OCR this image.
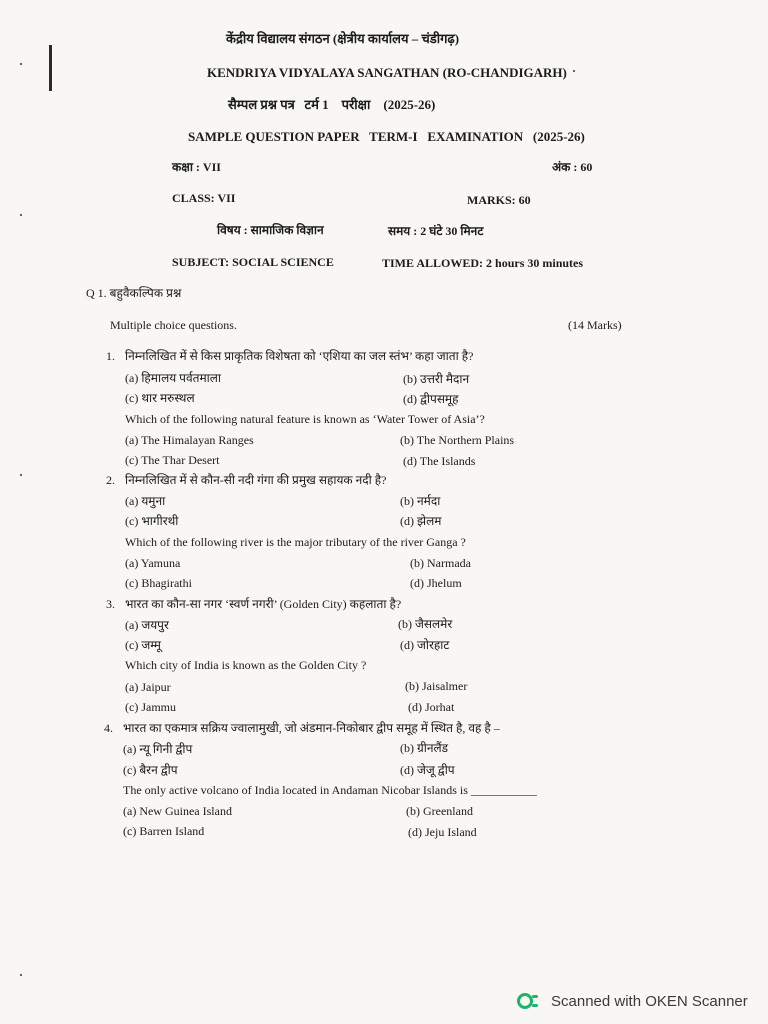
केंद्रीय विद्यालय संगठन (क्षेत्रीय कार्यालय – चंडीगढ़)
KENDRIYA VIDYALAYA SANGATHAN (RO-CHANDIGARH)
सैम्पल प्रश्न पत्र   टर्म 1    परीक्षा    (2025-26)
SAMPLE QUESTION PAPER   TERM-I   EXAMINATION   (2025-26)
कक्षा : VII	अंक : 60
CLASS: VII	MARKS: 60
विषय : सामाजिक विज्ञान	समय : 2 घंटे 30 मिनट
SUBJECT: SOCIAL SCIENCE	TIME ALLOWED: 2 hours 30 minutes
Q 1. बहुवैकल्पिक प्रश्न
Multiple choice questions.	(14 Marks)
1. निम्नलिखित में से किस प्राकृतिक विशेषता को ‘एशिया का जल स्तंभ’ कहा जाता है?
(a) हिमालय पर्वतमाला	(b) उत्तरी मैदान
(c) थार मरुस्थल	(d) द्वीपसमूह
Which of the following natural feature is known as ‘Water Tower of Asia’?
(a) The Himalayan Ranges	(b) The Northern Plains
(c) The Thar Desert	(d) The Islands
2. निम्नलिखित में से कौन-सी नदी गंगा की प्रमुख सहायक नदी है?
(a) यमुना	(b) नर्मदा
(c) भागीरथी	(d) झेलम
Which of the following river is the major tributary of the river Ganga ?
(a) Yamuna	(b) Narmada
(c) Bhagirathi	(d) Jhelum
3. भारत का कौन-सा नगर ‘स्वर्ण नगरी’ (Golden City) कहलाता है?
(a) जयपुर	(b) जैसलमेर
(c) जम्मू	(d) जोरहाट
Which city of India is known as the Golden City ?
(a) Jaipur	(b) Jaisalmer
(c) Jammu	(d) Jorhat
4. भारत का एकमात्र सक्रिय ज्वालामुखी, जो अंडमान-निकोबार द्वीप समूह में स्थित है, वह है –
(a) न्यू गिनी द्वीप	(b) ग्रीनलैंड
(c) बैरन द्वीप	(d) जेजू द्वीप
The only active volcano of India located in Andaman Nicobar Islands is ___________
(a) New Guinea Island	(b) Greenland
(c) Barren Island	(d) Jeju Island
Scanned with OKEN Scanner
